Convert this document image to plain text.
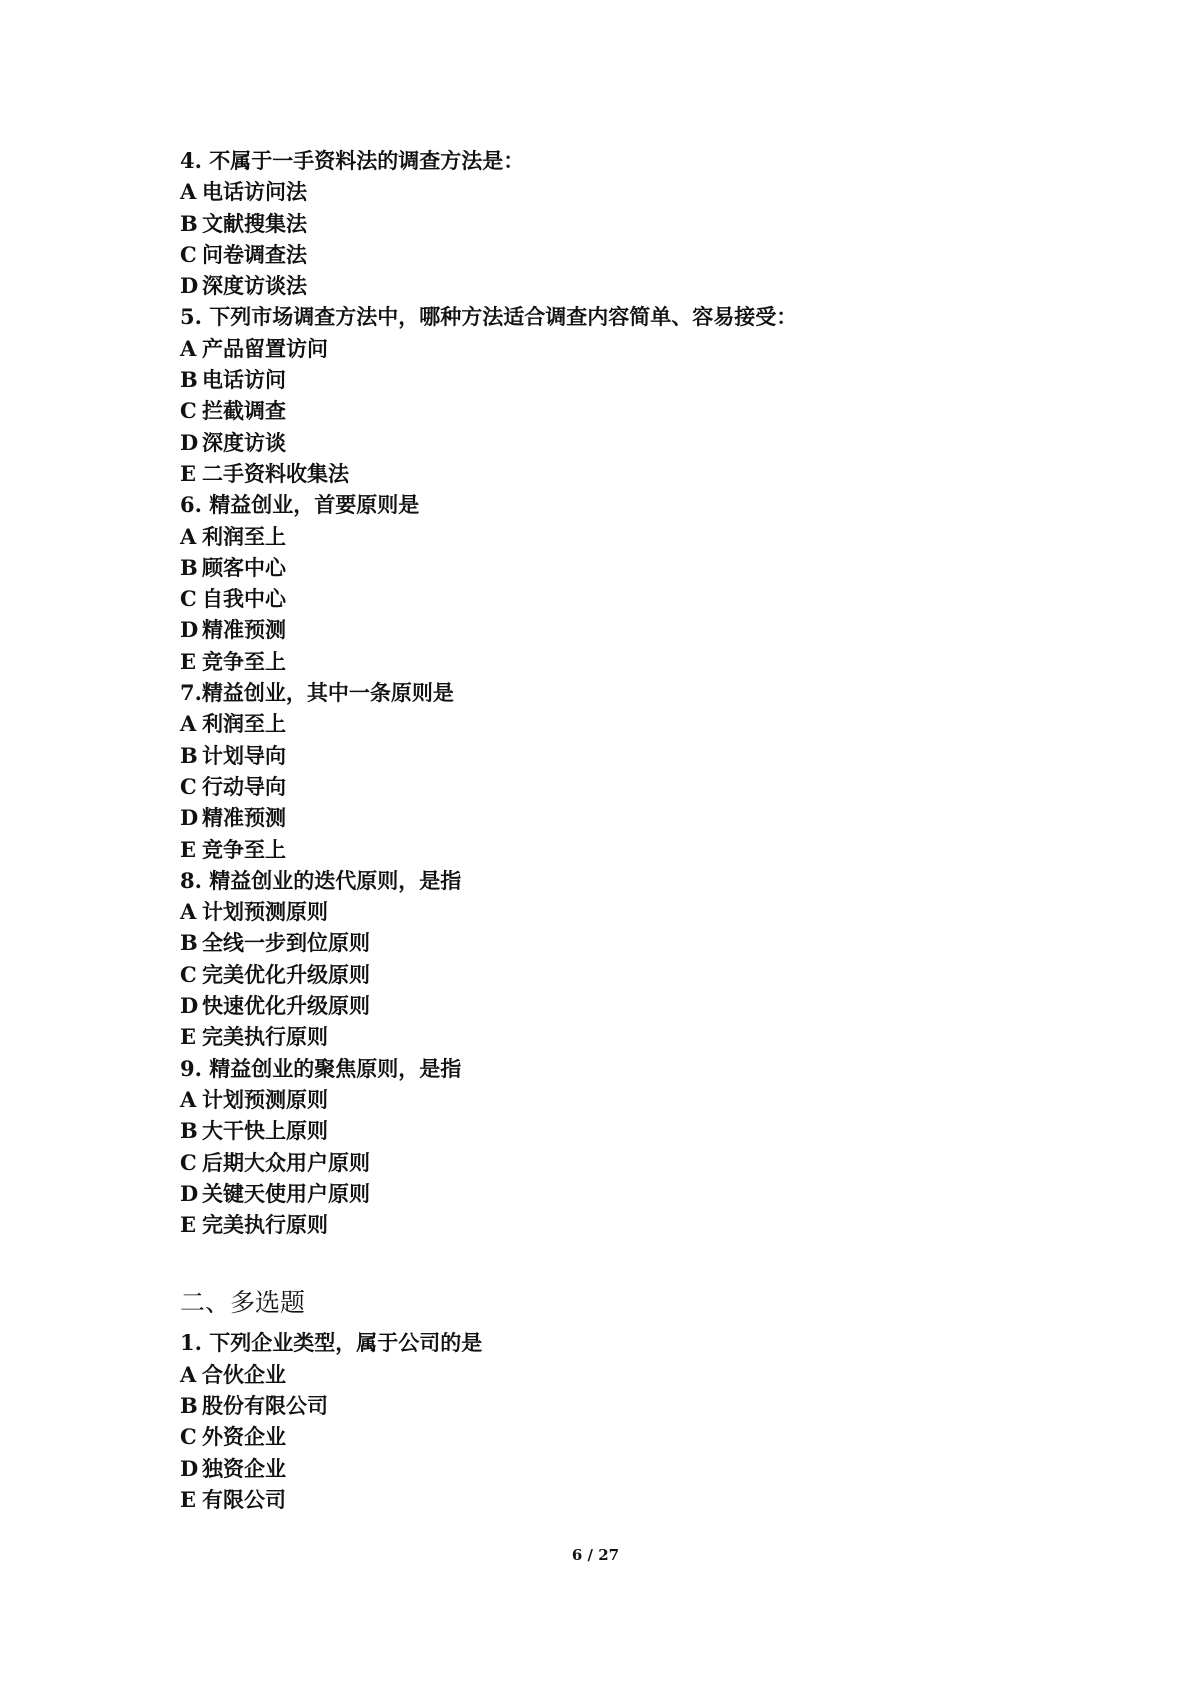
4. 不属于一手资料法的调查方法是：
A 电话访问法
B 文献搜集法
C 问卷调查法
D 深度访谈法
5. 下列市场调查方法中，哪种方法适合调查内容简单、容易接受：
A 产品留置访问
B 电话访问
C 拦截调查
D 深度访谈
E 二手资料收集法
6. 精益创业，首要原则是
A 利润至上
B 顾客中心
C 自我中心
D 精准预测
E 竞争至上
7.精益创业，其中一条原则是
A 利润至上
B 计划导向
C 行动导向
D 精准预测
E 竞争至上
8. 精益创业的迭代原则，是指
A 计划预测原则
B 全线一步到位原则
C 完美优化升级原则
D 快速优化升级原则
E 完美执行原则
9. 精益创业的聚焦原则，是指
A 计划预测原则
B 大干快上原则
C 后期大众用户原则
D 关键天使用户原则
E 完美执行原则
二、多选题
1. 下列企业类型，属于公司的是
A 合伙企业
B 股份有限公司
C 外资企业
D 独资企业
E 有限公司
6 / 27
